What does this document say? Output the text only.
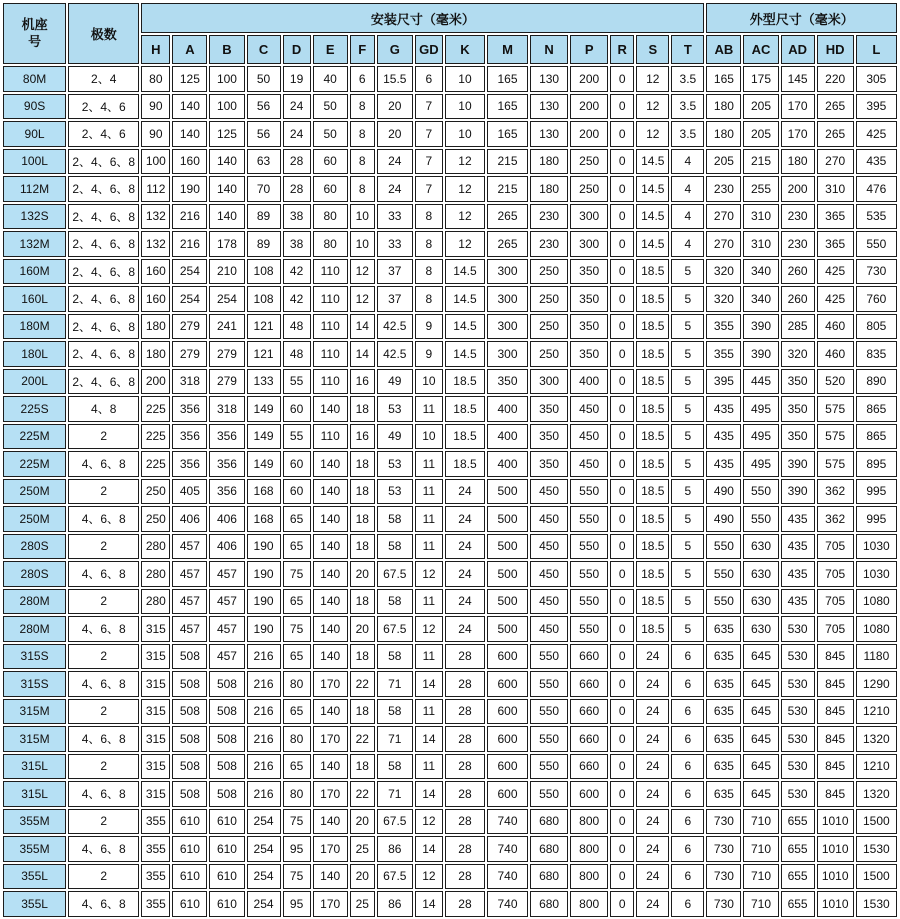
机座
号	极数	安装尺寸（毫米）																外型尺寸（毫米）				
		H	A	B	C	D	E	F	G	GD	K	M	N	P	R	S	T	AB	AC	AD	HD	L
80M	2、4	80	125	100	50	19	40	6	15.5	6	10	165	130	200	0	12	3.5	165	175	145	220	305
90S	2、4、6	90	140	100	56	24	50	8	20	7	10	165	130	200	0	12	3.5	180	205	170	265	395
90L	2、4、6	90	140	125	56	24	50	8	20	7	10	165	130	200	0	12	3.5	180	205	170	265	425
100L	2、4、6、8	100	160	140	63	28	60	8	24	7	12	215	180	250	0	14.5	4	205	215	180	270	435
112M	2、4、6、8	112	190	140	70	28	60	8	24	7	12	215	180	250	0	14.5	4	230	255	200	310	476
132S	2、4、6、8	132	216	140	89	38	80	10	33	8	12	265	230	300	0	14.5	4	270	310	230	365	535
132M	2、4、6、8	132	216	178	89	38	80	10	33	8	12	265	230	300	0	14.5	4	270	310	230	365	550
160M	2、4、6、8	160	254	210	108	42	110	12	37	8	14.5	300	250	350	0	18.5	5	320	340	260	425	730
160L	2、4、6、8	160	254	254	108	42	110	12	37	8	14.5	300	250	350	0	18.5	5	320	340	260	425	760
180M	2、4、6、8	180	279	241	121	48	110	14	42.5	9	14.5	300	250	350	0	18.5	5	355	390	285	460	805
180L	2、4、6、8	180	279	279	121	48	110	14	42.5	9	14.5	300	250	350	0	18.5	5	355	390	320	460	835
200L	2、4、6、8	200	318	279	133	55	110	16	49	10	18.5	350	300	400	0	18.5	5	395	445	350	520	890
225S	4、8	225	356	318	149	60	140	18	53	11	18.5	400	350	450	0	18.5	5	435	495	350	575	865
225M	2	225	356	356	149	55	110	16	49	10	18.5	400	350	450	0	18.5	5	435	495	350	575	865
225M	4、6、8	225	356	356	149	60	140	18	53	11	18.5	400	350	450	0	18.5	5	435	495	390	575	895
250M	2	250	405	356	168	60	140	18	53	11	24	500	450	550	0	18.5	5	490	550	390	362	995
250M	4、6、8	250	406	406	168	65	140	18	58	11	24	500	450	550	0	18.5	5	490	550	435	362	995
280S	2	280	457	406	190	65	140	18	58	11	24	500	450	550	0	18.5	5	550	630	435	705	1030
280S	4、6、8	280	457	457	190	75	140	20	67.5	12	24	500	450	550	0	18.5	5	550	630	435	705	1030
280M	2	280	457	457	190	65	140	18	58	11	24	500	450	550	0	18.5	5	550	630	435	705	1080
280M	4、6、8	315	457	457	190	75	140	20	67.5	12	24	500	450	550	0	18.5	5	635	630	530	705	1080
315S	2	315	508	457	216	65	140	18	58	11	28	600	550	660	0	24	6	635	645	530	845	1180
315S	4、6、8	315	508	508	216	80	170	22	71	14	28	600	550	660	0	24	6	635	645	530	845	1290
315M	2	315	508	508	216	65	140	18	58	11	28	600	550	660	0	24	6	635	645	530	845	1210
315M	4、6、8	315	508	508	216	80	170	22	71	14	28	600	550	660	0	24	6	635	645	530	845	1320
315L	2	315	508	508	216	65	140	18	58	11	28	600	550	660	0	24	6	635	645	530	845	1210
315L	4、6、8	315	508	508	216	80	170	22	71	14	28	600	550	600	0	24	6	635	645	530	845	1320
355M	2	355	610	610	254	75	140	20	67.5	12	28	740	680	800	0	24	6	730	710	655	1010	1500
355M	4、6、8	355	610	610	254	95	170	25	86	14	28	740	680	800	0	24	6	730	710	655	1010	1530
355L	2	355	610	610	254	75	140	20	67.5	12	28	740	680	800	0	24	6	730	710	655	1010	1500
355L	4、6、8	355	610	610	254	95	170	25	86	14	28	740	680	800	0	24	6	730	710	655	1010	1530
